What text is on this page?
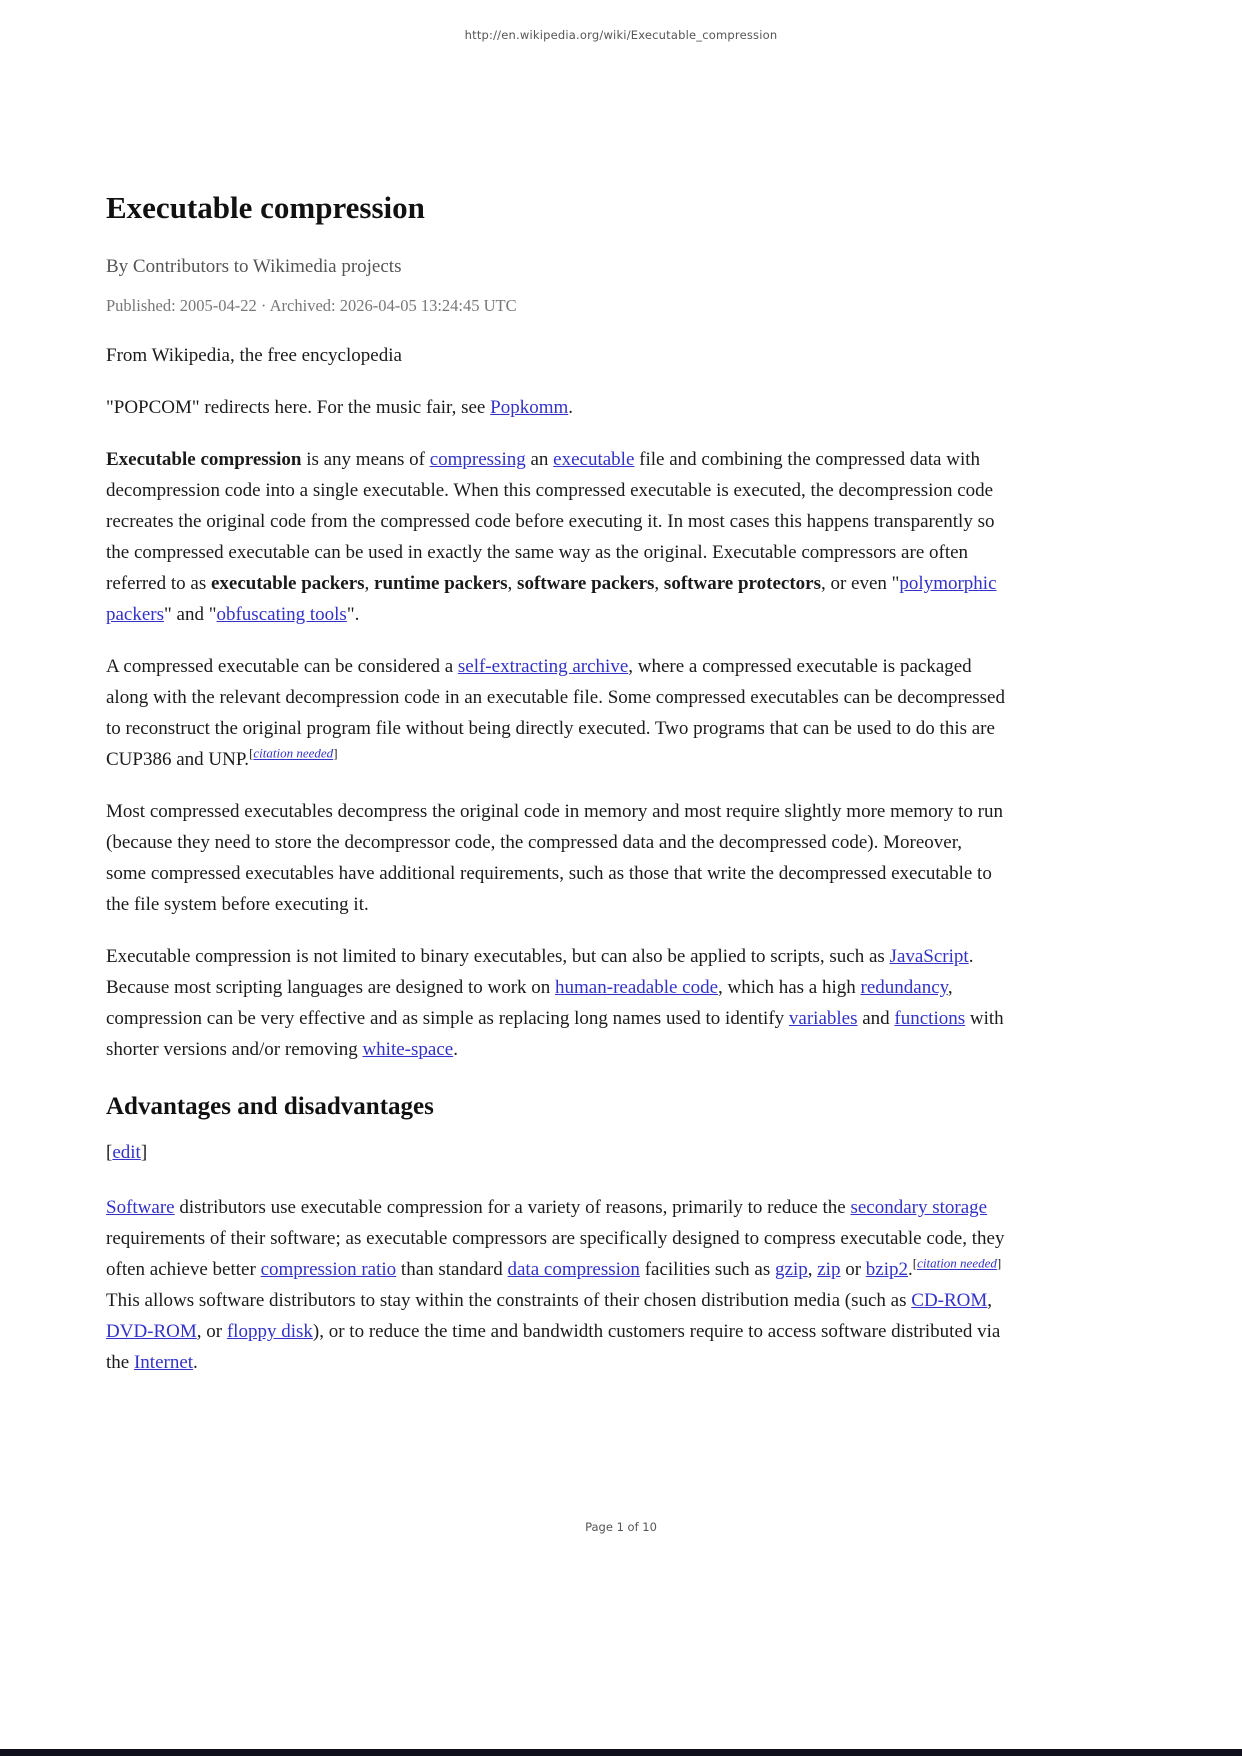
http://en.wikipedia.org/wiki/Executable_compression
Executable compression

By Contributors to Wikimedia projects

Published: 2005-04-22 · Archived: 2026-04-05 13:24:45 UTC

From Wikipedia, the free encyclopedia

"POPCOM" redirects here. For the music fair, see Popkomm.

Executable compression is any means of compressing an executable file and combining the compressed data with decompression code into a single executable. When this compressed executable is executed, the decompression code recreates the original code from the compressed code before executing it. In most cases this happens transparently so the compressed executable can be used in exactly the same way as the original. Executable compressors are often referred to as executable packers, runtime packers, software packers, software protectors, or even "polymorphic packers" and "obfuscating tools".

A compressed executable can be considered a self-extracting archive, where a compressed executable is packaged along with the relevant decompression code in an executable file. Some compressed executables can be decompressed to reconstruct the original program file without being directly executed. Two programs that can be used to do this are CUP386 and UNP.[citation needed]

Most compressed executables decompress the original code in memory and most require slightly more memory to run (because they need to store the decompressor code, the compressed data and the decompressed code). Moreover, some compressed executables have additional requirements, such as those that write the decompressed executable to the file system before executing it.

Executable compression is not limited to binary executables, but can also be applied to scripts, such as JavaScript. Because most scripting languages are designed to work on human-readable code, which has a high redundancy, compression can be very effective and as simple as replacing long names used to identify variables and functions with shorter versions and/or removing white-space.

Advantages and disadvantages

[edit]

Software distributors use executable compression for a variety of reasons, primarily to reduce the secondary storage requirements of their software; as executable compressors are specifically designed to compress executable code, they often achieve better compression ratio than standard data compression facilities such as gzip, zip or bzip2.[citation needed] This allows software distributors to stay within the constraints of their chosen distribution media (such as CD-ROM, DVD-ROM, or floppy disk), or to reduce the time and bandwidth customers require to access software distributed via the Internet.

Page 1 of 10
